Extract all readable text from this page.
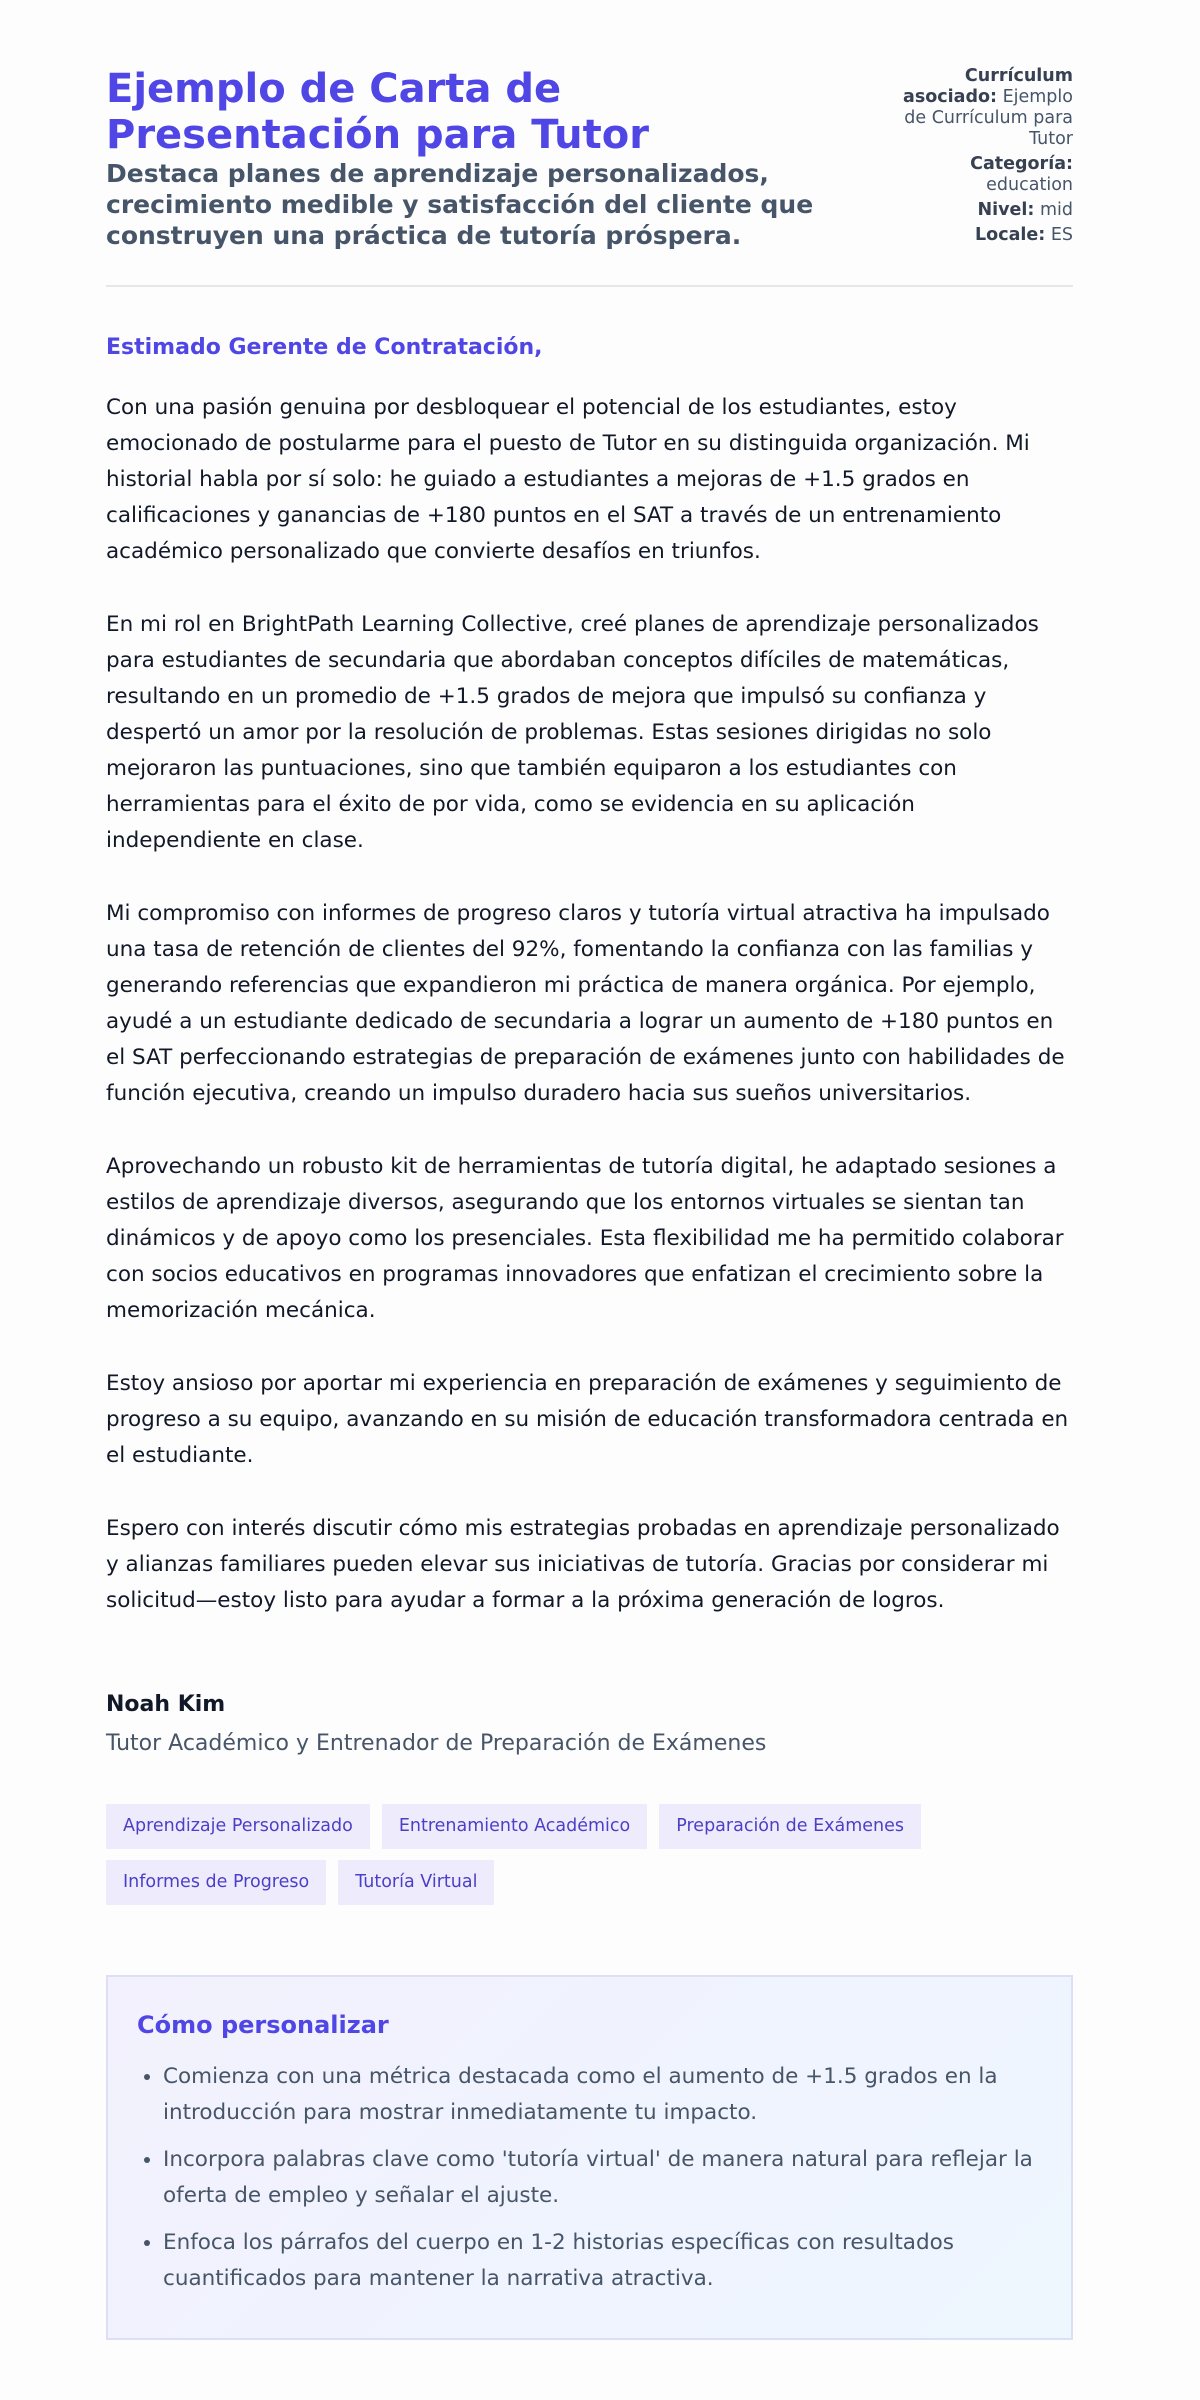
Ejemplo de Carta de Presentación para Tutor

Destaca planes de aprendizaje personalizados, crecimiento medible y satisfacción del cliente que construyen una práctica de tutoría próspera.

Currículum asociado: Ejemplo de Currículum para Tutor
Categoría: education
Nivel: mid
Locale: ES

Estimado Gerente de Contratación,

Con una pasión genuina por desbloquear el potencial de los estudiantes, estoy emocionado de postularme para el puesto de Tutor en su distinguida organización. Mi historial habla por sí solo: he guiado a estudiantes a mejoras de +1.5 grados en calificaciones y ganancias de +180 puntos en el SAT a través de un entrenamiento académico personalizado que convierte desafíos en triunfos.

En mi rol en BrightPath Learning Collective, creé planes de aprendizaje personalizados para estudiantes de secundaria que abordaban conceptos difíciles de matemáticas, resultando en un promedio de +1.5 grados de mejora que impulsó su confianza y despertó un amor por la resolución de problemas. Estas sesiones dirigidas no solo mejoraron las puntuaciones, sino que también equiparon a los estudiantes con herramientas para el éxito de por vida, como se evidencia en su aplicación independiente en clase.

Mi compromiso con informes de progreso claros y tutoría virtual atractiva ha impulsado una tasa de retención de clientes del 92%, fomentando la confianza con las familias y generando referencias que expandieron mi práctica de manera orgánica. Por ejemplo, ayudé a un estudiante dedicado de secundaria a lograr un aumento de +180 puntos en el SAT perfeccionando estrategias de preparación de exámenes junto con habilidades de función ejecutiva, creando un impulso duradero hacia sus sueños universitarios.

Aprovechando un robusto kit de herramientas de tutoría digital, he adaptado sesiones a estilos de aprendizaje diversos, asegurando que los entornos virtuales se sientan tan dinámicos y de apoyo como los presenciales. Esta flexibilidad me ha permitido colaborar con socios educativos en programas innovadores que enfatizan el crecimiento sobre la memorización mecánica.

Estoy ansioso por aportar mi experiencia en preparación de exámenes y seguimiento de progreso a su equipo, avanzando en su misión de educación transformadora centrada en el estudiante.

Espero con interés discutir cómo mis estrategias probadas en aprendizaje personalizado y alianzas familiares pueden elevar sus iniciativas de tutoría. Gracias por considerar mi solicitud—estoy listo para ayudar a formar a la próxima generación de logros.

Noah Kim

Tutor Académico y Entrenador de Preparación de Exámenes

Aprendizaje Personalizado	Entrenamiento Académico	Preparación de Exámenes
Informes de Progreso	Tutoría Virtual
Cómo personalizar
• Comienza con una métrica destacada como el aumento de +1.5 grados en la introducción para mostrar inmediatamente tu impacto.
• Incorpora palabras clave como 'tutoría virtual' de manera natural para reflejar la oferta de empleo y señalar el ajuste.
• Enfoca los párrafos del cuerpo en 1-2 historias específicas con resultados cuantificados para mantener la narrativa atractiva.
